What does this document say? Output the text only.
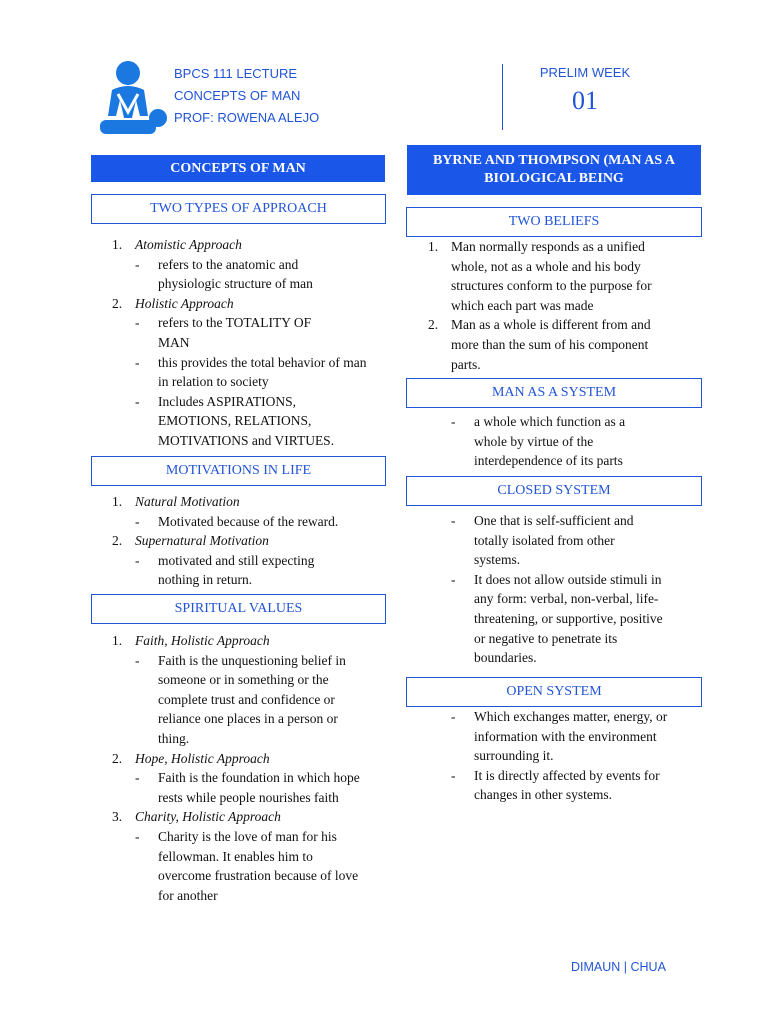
BPCS 111 LECTURE
CONCEPTS OF MAN
PROF: ROWENA ALEJO
PRELIM WEEK
01
CONCEPTS OF MAN
TWO TYPES OF APPROACH
1. Atomistic Approach
- refers to the anatomic and physiologic structure of man
2. Holistic Approach
- refers to the TOTALITY OF MAN
- this provides the total behavior of man in relation to society
- Includes ASPIRATIONS, EMOTIONS, RELATIONS, MOTIVATIONS and VIRTUES.
MOTIVATIONS IN LIFE
1. Natural Motivation
- Motivated because of the reward.
2. Supernatural Motivation
- motivated and still expecting nothing in return.
SPIRITUAL VALUES
1. Faith, Holistic Approach
- Faith is the unquestioning belief in someone or in something or the complete trust and confidence or reliance one places in a person or thing.
2. Hope, Holistic Approach
- Faith is the foundation in which hope rests while people nourishes faith
3. Charity, Holistic Approach
- Charity is the love of man for his fellowman. It enables him to overcome frustration because of love for another
BYRNE AND THOMPSON (MAN AS A
BIOLOGICAL BEING
TWO BELIEFS
1. Man normally responds as a unified whole, not as a whole and his body structures conform to the purpose for which each part was made
2. Man as a whole is different from and more than the sum of his component parts.
MAN AS A SYSTEM
- a whole which function as a whole by virtue of the interdependence of its parts
CLOSED SYSTEM
- One that is self-sufficient and totally isolated from other systems.
- It does not allow outside stimuli in any form: verbal, non-verbal, life-threatening, or supportive, positive or negative to penetrate its boundaries.
OPEN SYSTEM
- Which exchanges matter, energy, or information with the environment surrounding it.
- It is directly affected by events for changes in other systems.
DIMAUN | CHUA
